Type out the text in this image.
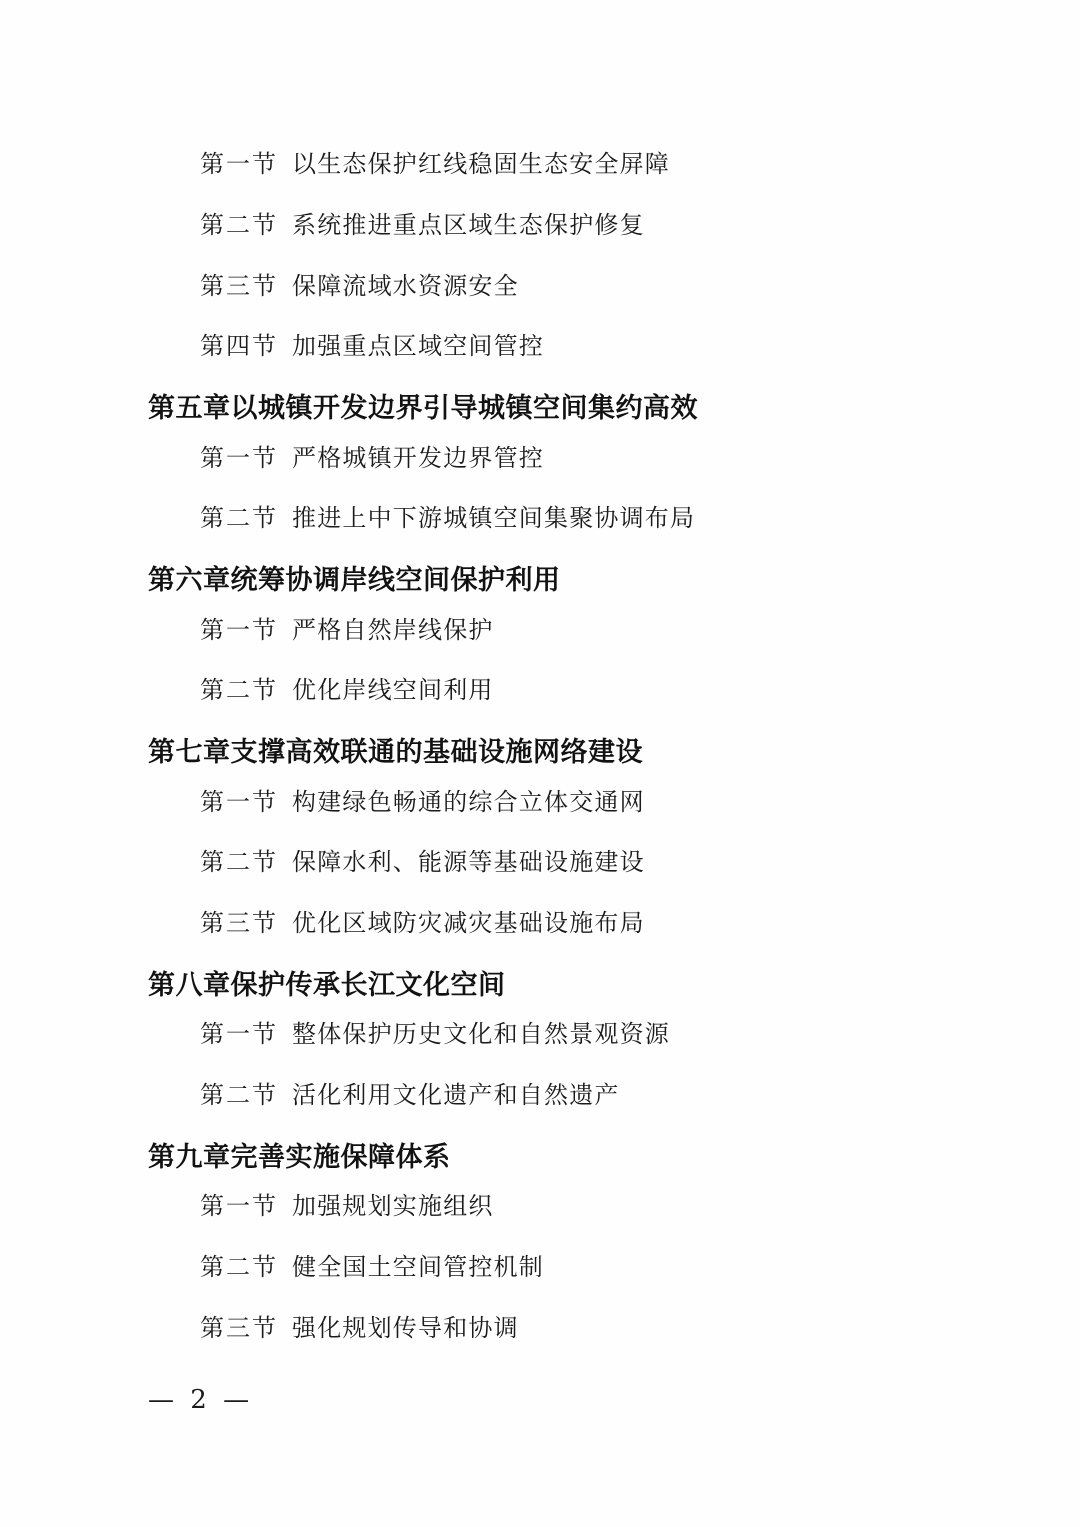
第一节 以生态保护红线稳固生态安全屏障
第二节 系统推进重点区域生态保护修复
第三节 保障流域水资源安全
第四节 加强重点区域空间管控
第五章以城镇开发边界引导城镇空间集约高效
第一节 严格城镇开发边界管控
第二节 推进上中下游城镇空间集聚协调布局
第六章统筹协调岸线空间保护利用
第一节 严格自然岸线保护
第二节 优化岸线空间利用
第七章支撑高效联通的基础设施网络建设
第一节 构建绿色畅通的综合立体交通网
第二节 保障水利、能源等基础设施建设
第三节 优化区域防灾减灾基础设施布局
第八章保护传承长江文化空间
第一节 整体保护历史文化和自然景观资源
第二节 活化利用文化遗产和自然遗产
第九章完善实施保障体系
第一节 加强规划实施组织
第二节 健全国土空间管控机制
第三节 强化规划传导和协调
— 2 —
